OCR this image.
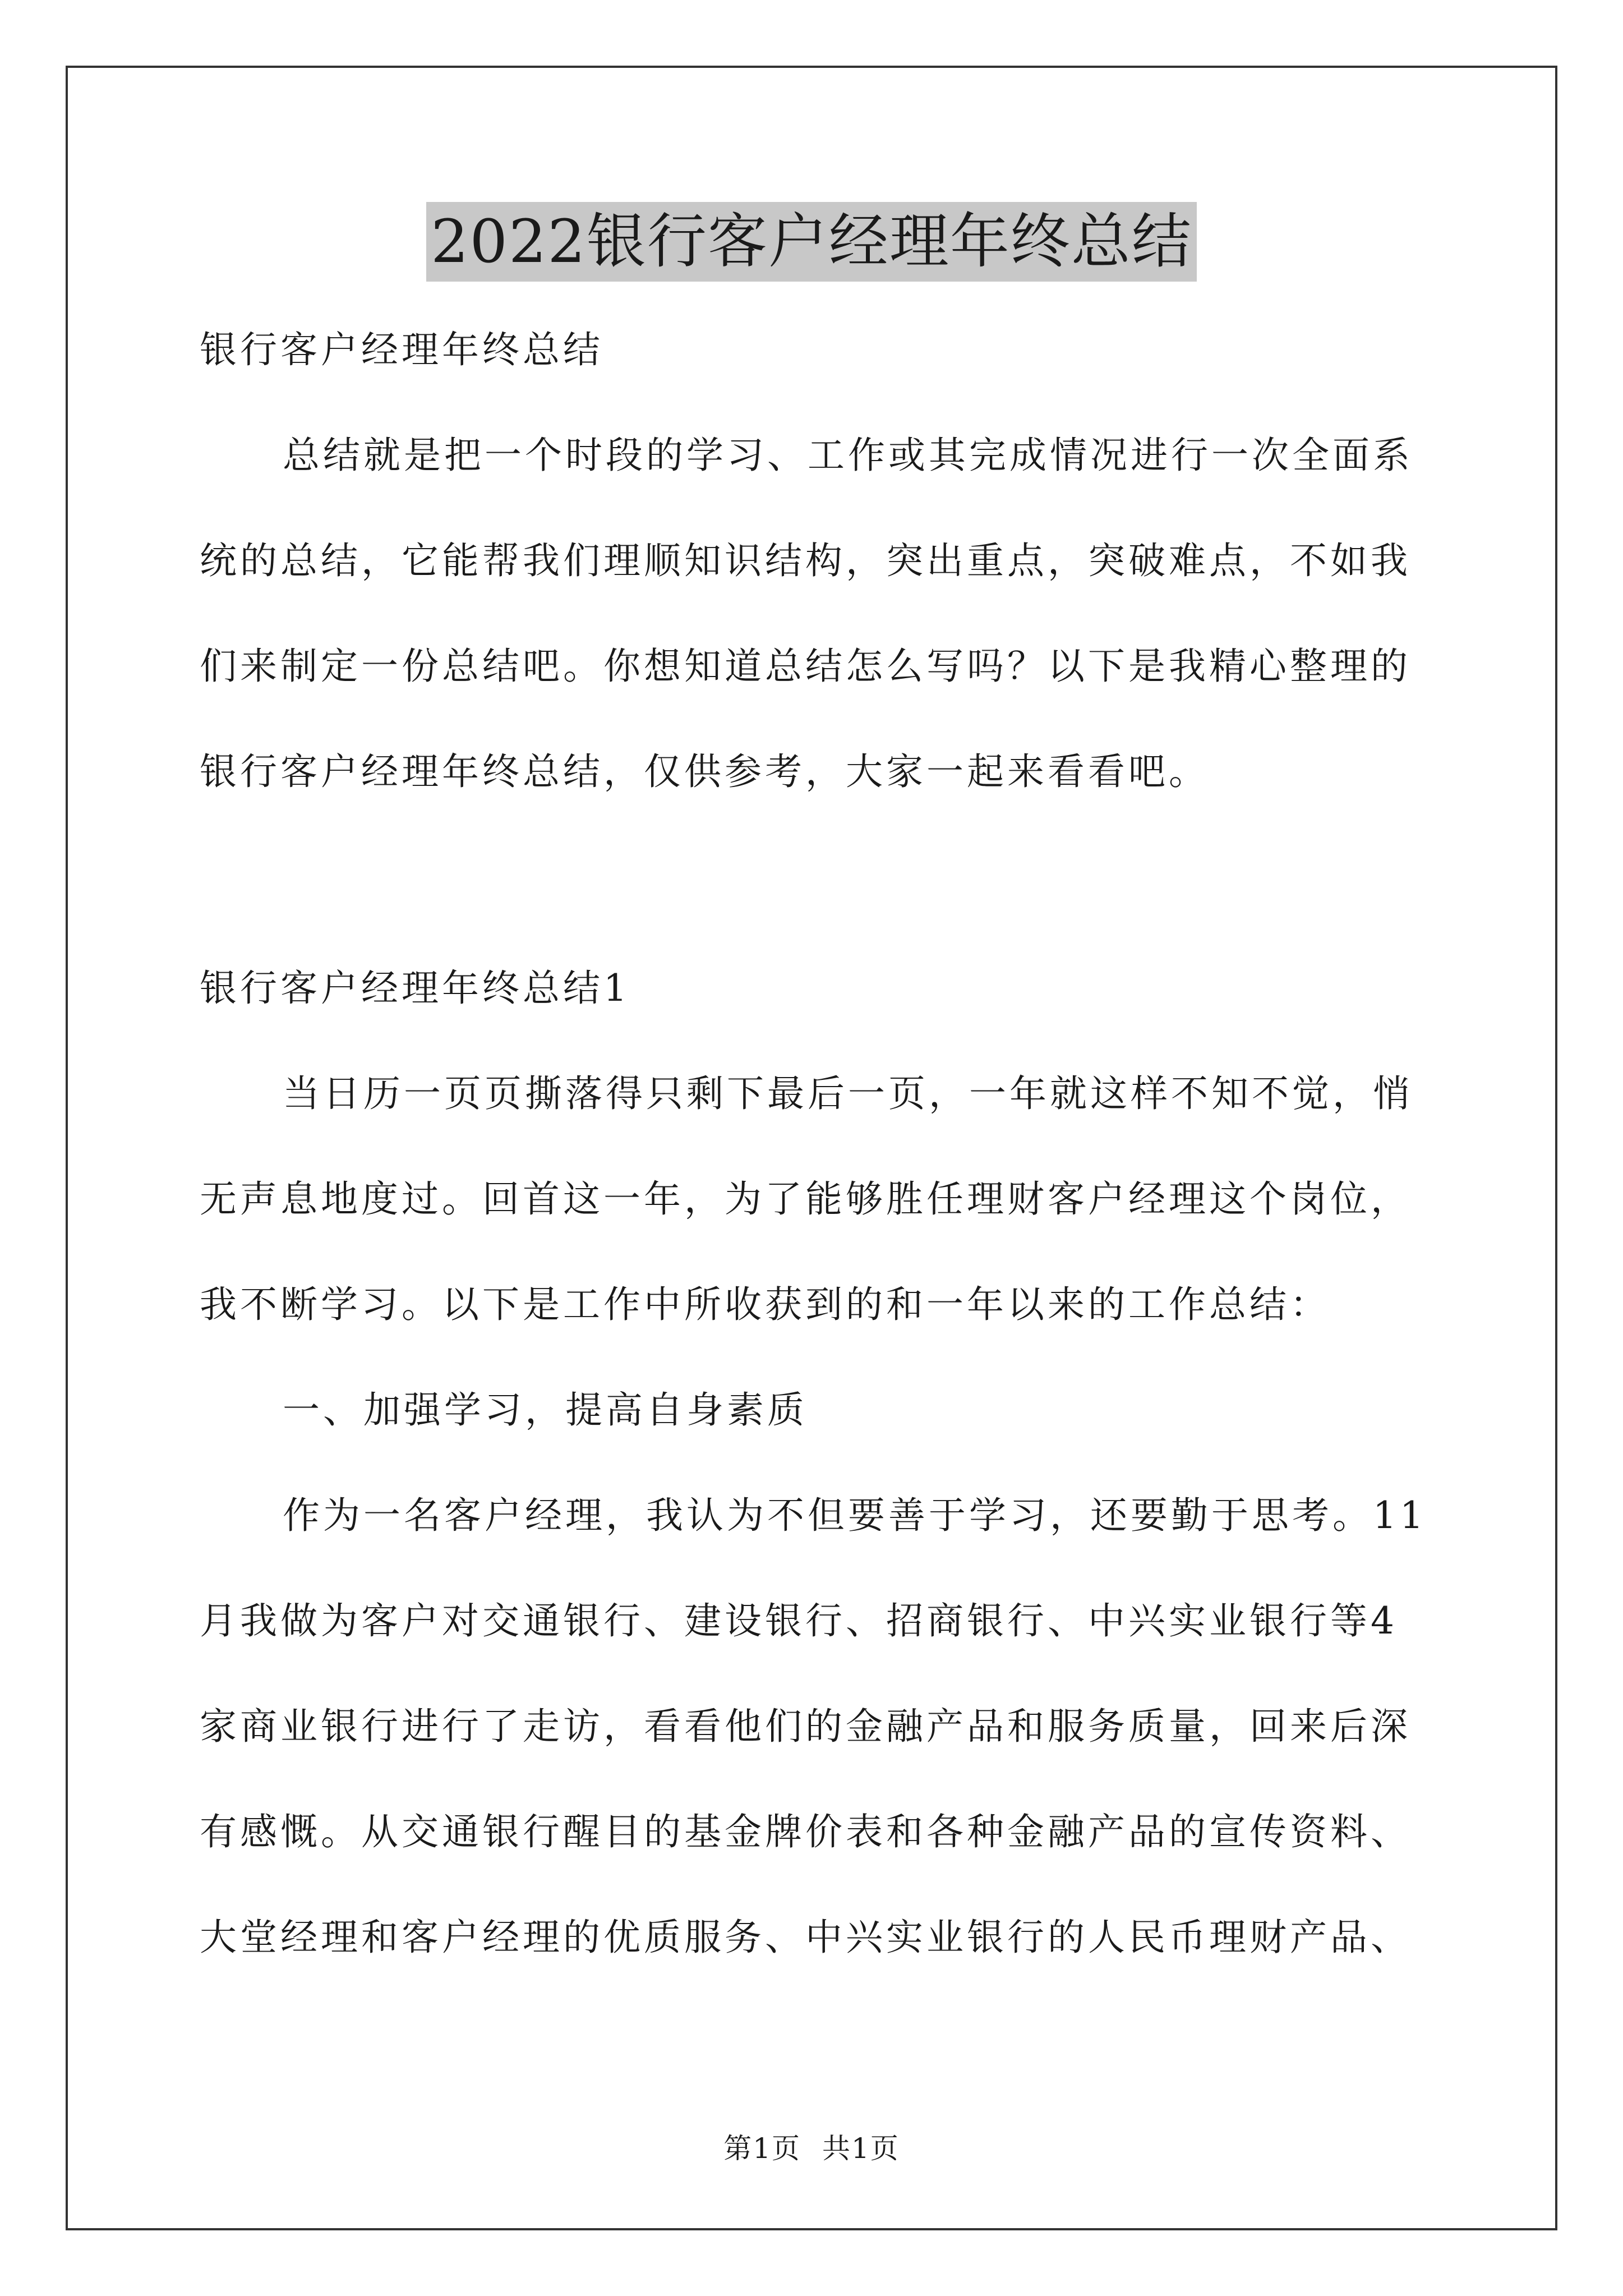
2022银行客户经理年终总结
银行客户经理年终总结
总结就是把一个时段的学习、工作或其完成情况进行一次全面系
统的总结，它能帮我们理顺知识结构，突出重点，突破难点，不如我
们来制定一份总结吧。你想知道总结怎么写吗？以下是我精心整理的
银行客户经理年终总结，仅供参考，大家一起来看看吧。
银行客户经理年终总结1
当日历一页页撕落得只剩下最后一页，一年就这样不知不觉，悄
无声息地度过。回首这一年，为了能够胜任理财客户经理这个岗位，
我不断学习。以下是工作中所收获到的和一年以来的工作总结：
一、加强学习，提高自身素质
作为一名客户经理，我认为不但要善于学习，还要勤于思考。11
月我做为客户对交通银行、建设银行、招商银行、中兴实业银行等4
家商业银行进行了走访，看看他们的金融产品和服务质量，回来后深
有感慨。从交通银行醒目的基金牌价表和各种金融产品的宣传资料、
大堂经理和客户经理的优质服务、中兴实业银行的人民币理财产品、
第1页 共1页
